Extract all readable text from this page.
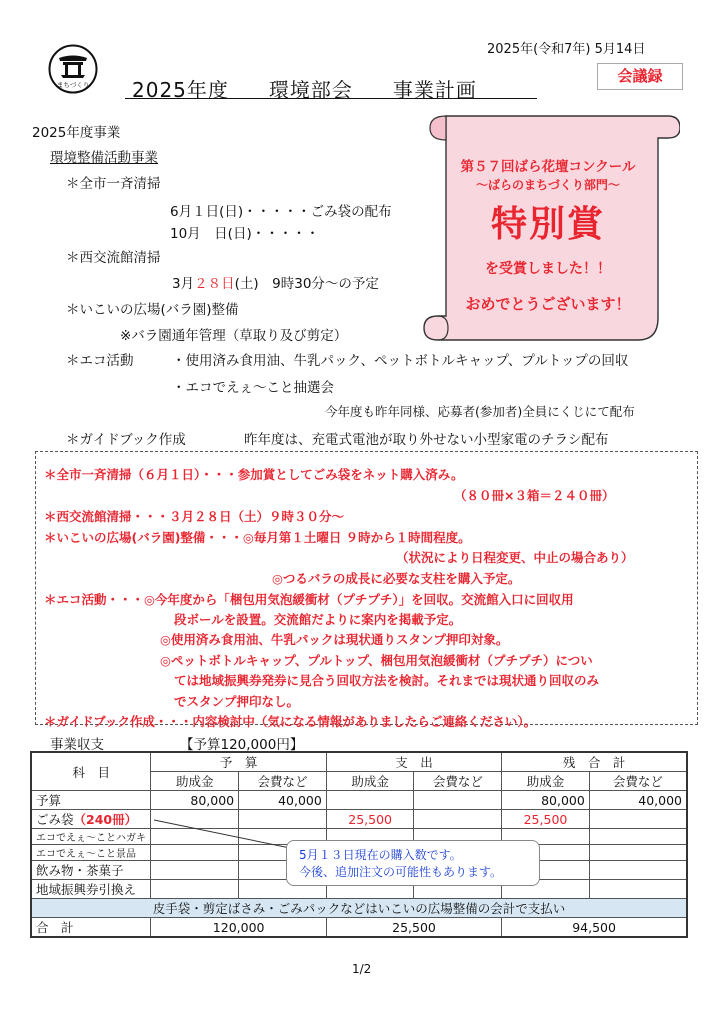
2025年(令和7年) 5月14日
まちづくり 2025年度 環境部会 事業計画
会議録
第５７回ばら花壇コンクール
～ばらのまちづくり部門～
特別賞
を受賞しました！！
おめでとうございます！
2025年度事業
環境整備活動事業
＊全市一斉清掃
6月１日(日)・・・・・ごみ袋の配布
10月　日(日)・・・・・
＊西交流館清掃
3月２８日(土)　 9時30分～の予定
＊いこいの広場(バラ園)整備
※バラ園通年管理（草取り及び剪定）
＊エコ活動	・使用済み食用油、牛乳パック、ペットボトルキャップ、プルトップの回収
・エコでえぇ～こと抽選会
今年度も昨年同様、応募者(参加者)全員にくじにて配布
＊ガイドブック作成	昨年度は、充電式電池が取り外せない小型家電のチラシ配布
＊全市一斉清掃（６月１日）・・・参加賞としてごみ袋をネット購入済み。
（８０冊×３箱＝２４０冊）
＊西交流館清掃・・・３月２８日（土）９時３０分～
＊いこいの広場(バラ園)整備・・・◎毎月第１土曜日 ９時から１時間程度。
（状況により日程変更、中止の場合あり）
◎つるバラの成長に必要な支柱を購入予定。
＊エコ活動・・・◎今年度から「梱包用気泡緩衝材（プチプチ）」を回収。交流館入口に回収用
段ボールを設置。交流館だよりに案内を掲載予定。
◎使用済み食用油、牛乳パックは現状通りスタンプ押印対象。
◎ペットボトルキャップ、プルトップ、梱包用気泡緩衝材（プチプチ）につい
ては地域振興券発券に見合う回収方法を検討。それまでは現状通り回収のみ
でスタンプ押印なし。
＊ガイドブック作成・・・内容検討中（気になる情報がありましたらご連絡ください）。
事業収支	【予算120,000円】
科　目	予　算		支　出		残　合　計	
	助成金	会費など	助成金	会費など	助成金	会費など
予算	80,000	40,000			80,000	40,000
ごみ袋（240冊）			25,500		25,500	
エコでえぇ～ことハガキ						
エコでえぇ～こと景品						
飲み物・茶菓子						
地域振興券引換え						
皮手袋・剪定ばさみ・ごみパックなどはいこいの広場整備の会計で支払い						
合　計	120,000		25,500		94,500	
5月１３日現在の購入数です。
今後、追加注文の可能性もあります。
1/2
